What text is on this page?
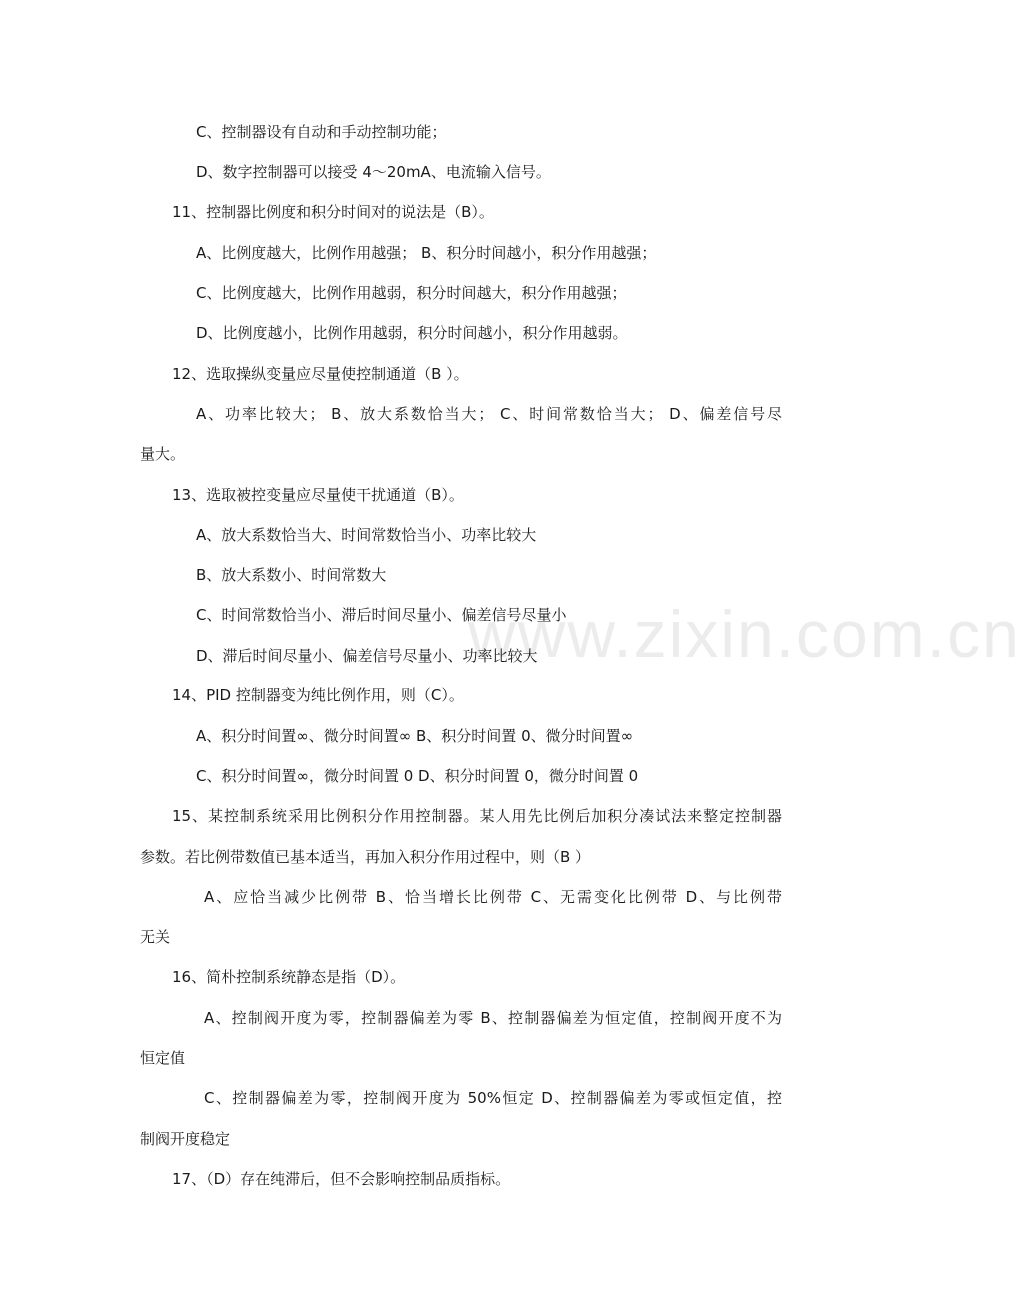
www.zixin.com.cn
C、控制器设有自动和手动控制功能；
D、数字控制器可以接受 4～20mA、电流输入信号。
11、控制器比例度和积分时间对的说法是（B）。
A、比例度越大，比例作用越强； B、积分时间越小，积分作用越强；
C、比例度越大，比例作用越弱，积分时间越大，积分作用越强；
D、比例度越小，比例作用越弱，积分时间越小，积分作用越弱。
12、选取操纵变量应尽量使控制通道（B ）。
A、功率比较大； B、放大系数恰当大； C、时间常数恰当大； D、偏差信号尽
量大。
13、选取被控变量应尽量使干扰通道（B）。
A、放大系数恰当大、时间常数恰当小、功率比较大
B、放大系数小、时间常数大
C、时间常数恰当小、滞后时间尽量小、偏差信号尽量小
D、滞后时间尽量小、偏差信号尽量小、功率比较大
14、PID 控制器变为纯比例作用，则（C）。
A、积分时间置∞、微分时间置∞ B、积分时间置 0、微分时间置∞
C、积分时间置∞，微分时间置 0 D、积分时间置 0，微分时间置 0
15、某控制系统采用比例积分作用控制器。某人用先比例后加积分凑试法来整定控制器
参数。若比例带数值已基本适当，再加入积分作用过程中，则（B ）
A、应恰当减少比例带 B、恰当增长比例带 C、无需变化比例带 D、与比例带
无关
16、简朴控制系统静态是指（D）。
A、控制阀开度为零，控制器偏差为零 B、控制器偏差为恒定值，控制阀开度不为
恒定值
C、控制器偏差为零，控制阀开度为 50%恒定 D、控制器偏差为零或恒定值，控
制阀开度稳定
17、（D）存在纯滞后，但不会影响控制品质指标。
